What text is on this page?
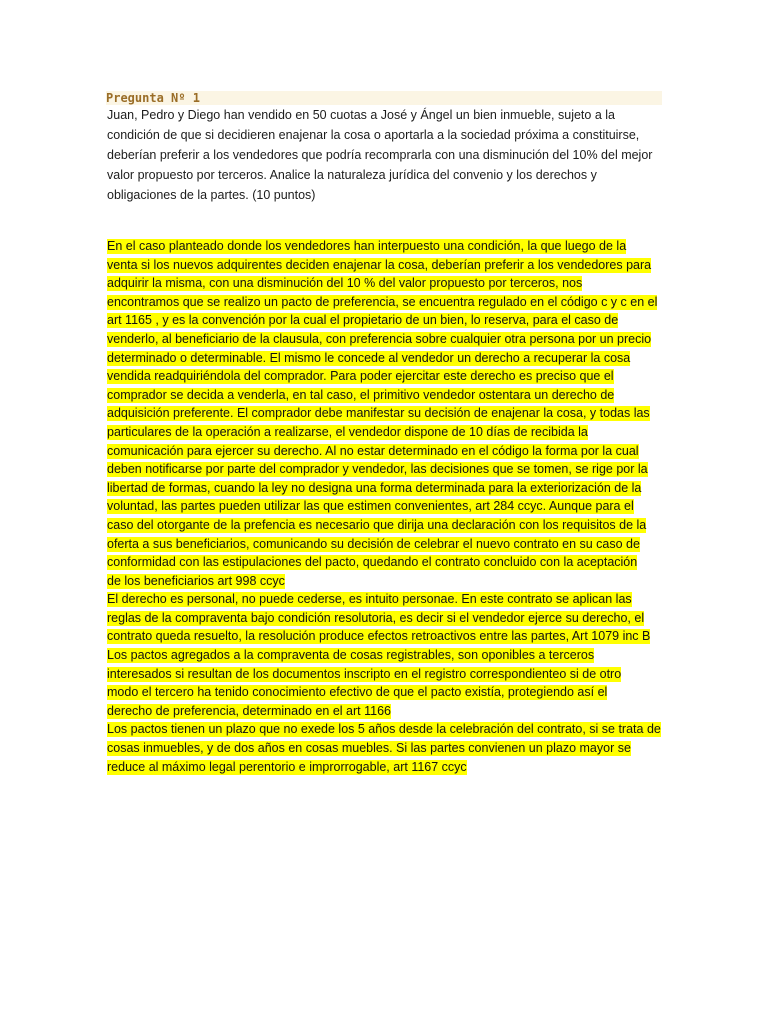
Pregunta Nº 1
Juan, Pedro y Diego han vendido en 50 cuotas a José y Ángel un bien inmueble, sujeto a la
condición de que si decidieren enajenar la cosa o aportarla a la sociedad próxima a constituirse,
deberían preferir a los vendedores que podría recomprarla con una disminución del 10% del mejor
valor propuesto por terceros. Analice la naturaleza jurídica del convenio y los derechos y
obligaciones de la partes. (10 puntos)
En el caso planteado donde los vendedores han interpuesto una condición, la que luego de la
venta si los nuevos adquirentes deciden enajenar la cosa, deberían preferir a los vendedores para
adquirir la misma, con una disminución del 10 % del valor propuesto por terceros, nos
encontramos que se realizo un pacto de preferencia, se encuentra regulado en el código c y c en el
art 1165 , y es la convención por la cual el propietario de un bien, lo reserva, para el caso de
venderlo, al beneficiario de la clausula, con preferencia sobre cualquier otra persona por un precio
determinado o determinable. El mismo le concede al vendedor un derecho a recuperar la cosa
vendida readquiriéndola del comprador. Para poder ejercitar este derecho es preciso que el
comprador se decida a venderla, en tal caso, el primitivo vendedor ostentara un derecho de
adquisición preferente. El comprador debe manifestar su decisión de enajenar la cosa, y todas las
particulares de la operación a realizarse, el vendedor dispone de 10 días de recibida la
comunicación para ejercer su derecho. Al no estar determinado en el código la forma por la cual
deben notificarse por parte del comprador y vendedor, las decisiones que se tomen, se rige por la
libertad de formas, cuando la ley no designa una forma determinada para la exteriorización de la
voluntad, las partes pueden utilizar las que estimen convenientes, art 284 ccyc. Aunque para el
caso del otorgante de la prefencia es necesario que dirija una declaración con los requisitos de la
oferta a sus beneficiarios, comunicando su decisión de celebrar el nuevo contrato en su caso de
conformidad con las estipulaciones del pacto, quedando el contrato concluido con la aceptación
de los beneficiarios art 998 ccyc
El derecho es personal, no puede cederse, es intuito personae. En este contrato se aplican las
reglas de la compraventa bajo condición resolutoria, es decir si el vendedor ejerce su derecho, el
contrato queda resuelto, la resolución produce efectos retroactivos entre las partes, Art 1079 inc B
Los pactos agregados a la compraventa de cosas registrables, son oponibles a terceros
interesados si resultan de los documentos inscripto en el registro correspondienteo si de otro
modo el tercero ha tenido conocimiento efectivo de que el pacto existía, protegiendo así el
derecho de preferencia, determinado en el art 1166
Los pactos tienen un plazo que no exede los 5 años desde la celebración del contrato, si se trata de
cosas inmuebles, y de dos años en cosas muebles. Si las partes convienen un plazo mayor se
reduce al máximo legal perentorio e improrrogable, art 1167 ccyc
